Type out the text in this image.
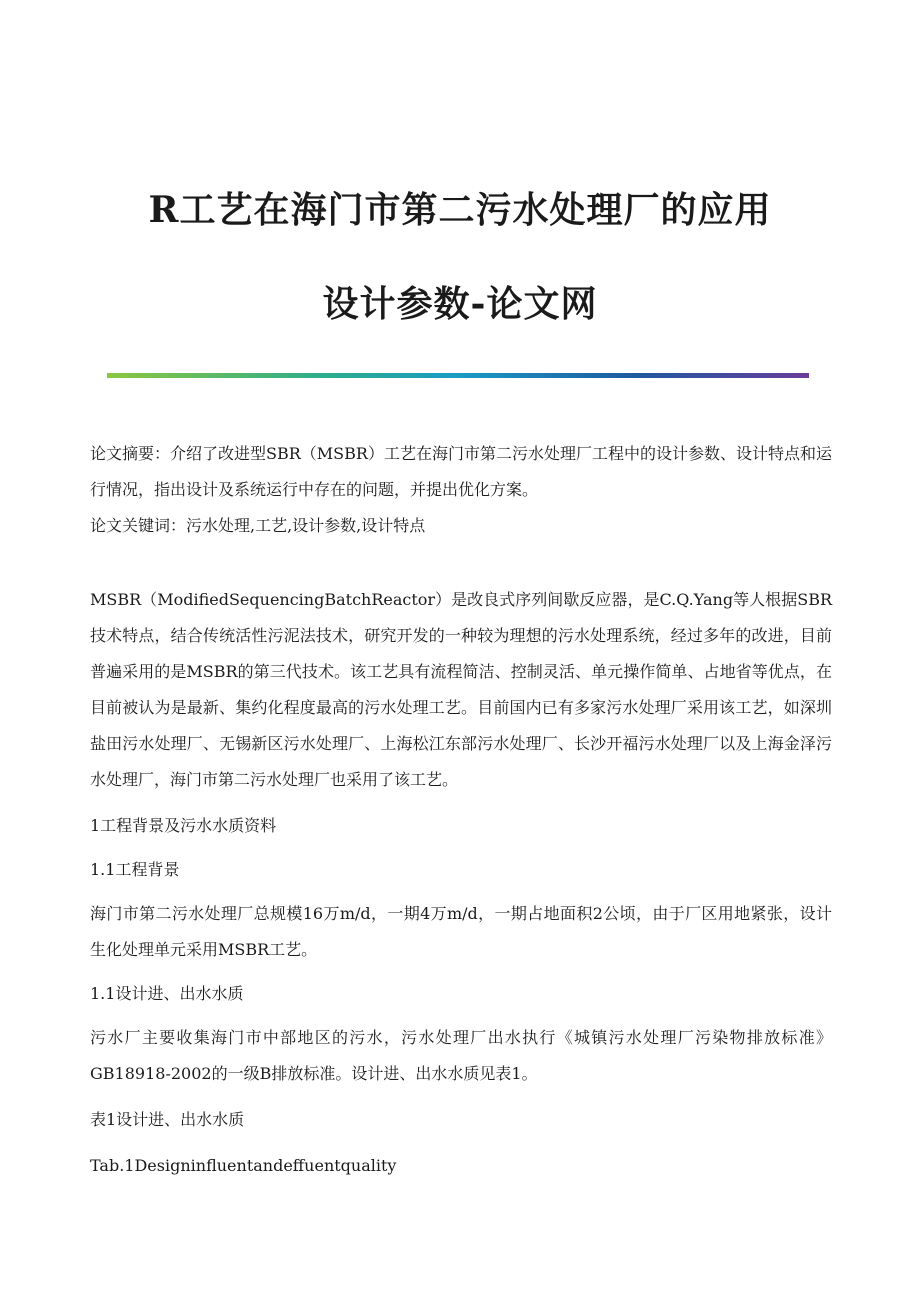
R工艺在海门市第二污水处理厂的应用
设计参数-论文网

论文摘要：介绍了改进型SBR（MSBR）工艺在海门市第二污水处理厂工程中的设计参数、设计特点和运行情况，指出设计及系统运行中存在的问题，并提出优化方案。

论文关键词：污水处理,工艺,设计参数,设计特点

MSBR（ModifiedSequencingBatchReactor）是改良式序列间歇反应器，是C.Q.Yang等人根据SBR技术特点，结合传统活性污泥法技术，研究开发的一种较为理想的污水处理系统，经过多年的改进，目前普遍采用的是MSBR的第三代技术。该工艺具有流程简洁、控制灵活、单元操作简单、占地省等优点，在目前被认为是最新、集约化程度最高的污水处理工艺。目前国内已有多家污水处理厂采用该工艺，如深圳盐田污水处理厂、无锡新区污水处理厂、上海松江东部污水处理厂、长沙开福污水处理厂以及上海金泽污水处理厂，海门市第二污水处理厂也采用了该工艺。

1工程背景及污水水质资料

1.1工程背景

海门市第二污水处理厂总规模16万m/d，一期4万m/d，一期占地面积2公顷，由于厂区用地紧张，设计生化处理单元采用MSBR工艺。

1.1设计进、出水水质

污水厂主要收集海门市中部地区的污水，污水处理厂出水执行《城镇污水处理厂污染物排放标准》GB18918-2002的一级B排放标准。设计进、出水水质见表1。

表1设计进、出水水质

Tab.1Designinfluentandeffuentquality
